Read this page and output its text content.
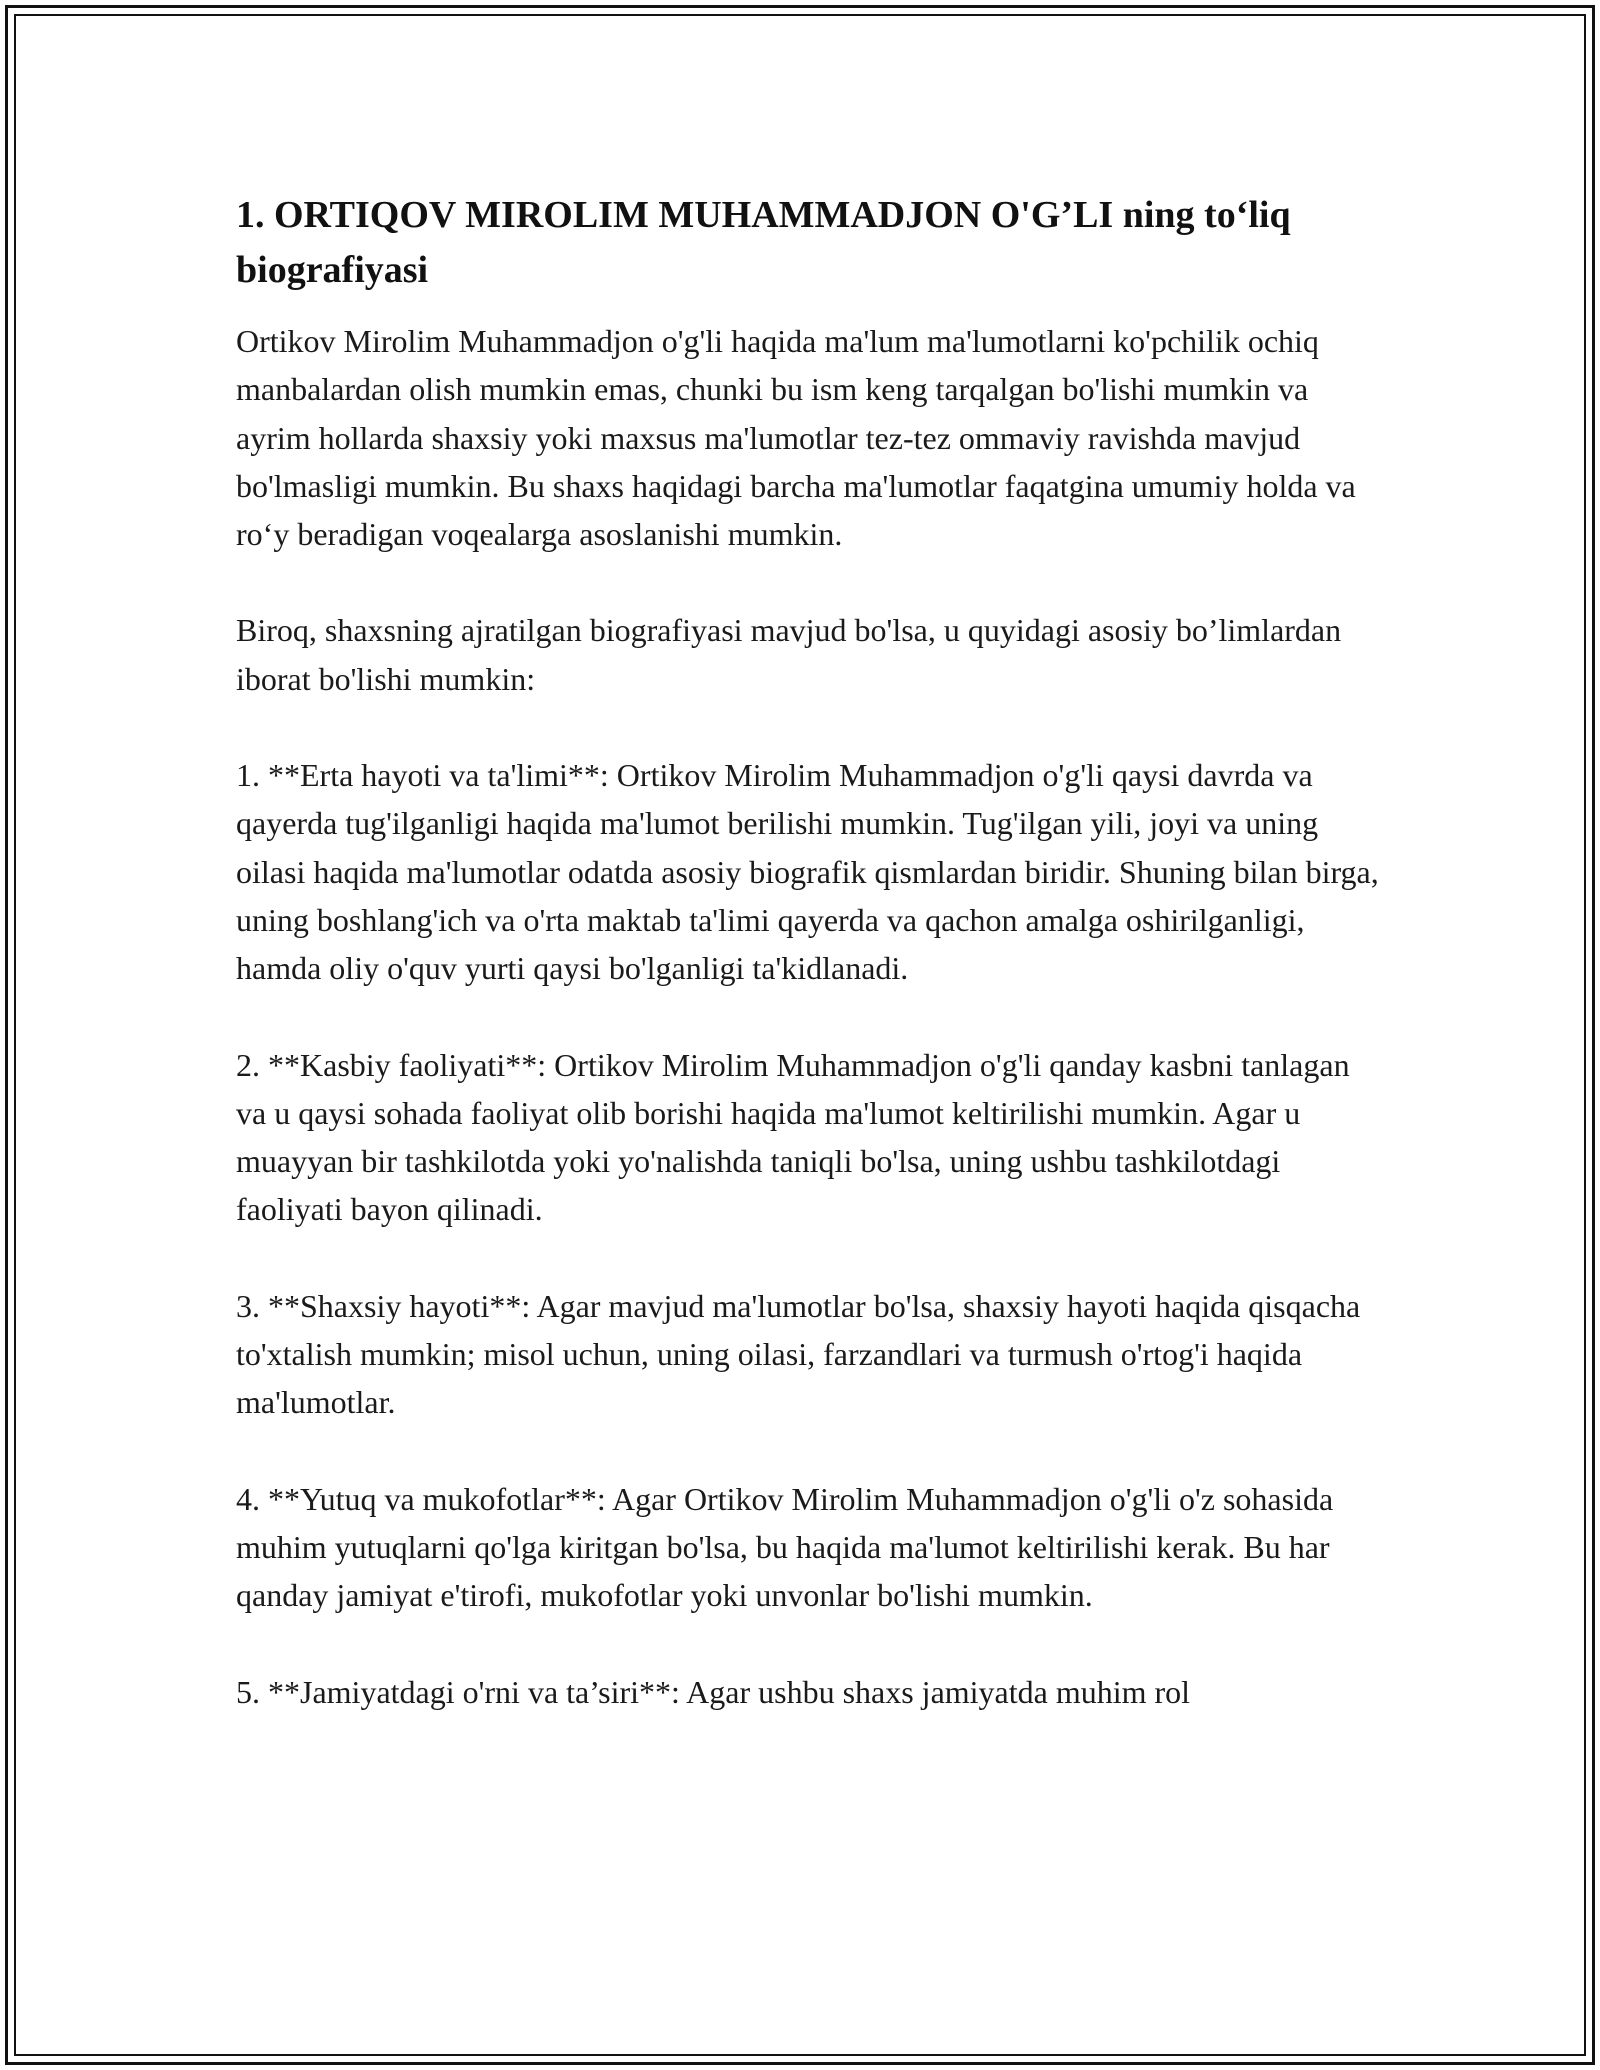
1. ORTIQOV MIROLIM MUHAMMADJON O'G’LI ning to‘liq biografiyasi

Ortikov Mirolim Muhammadjon o'g'li haqida ma'lum ma'lumotlarni ko'pchilik ochiq manbalardan olish mumkin emas, chunki bu ism keng tarqalgan bo'lishi mumkin va ayrim hollarda shaxsiy yoki maxsus ma'lumotlar tez-tez ommaviy ravishda mavjud bo'lmasligi mumkin. Bu shaxs haqidagi barcha ma'lumotlar faqatgina umumiy holda va ro‘y beradigan voqealarga asoslanishi mumkin.

Biroq, shaxsning ajratilgan biografiyasi mavjud bo'lsa, u quyidagi asosiy bo’limlardan iborat bo'lishi mumkin:

1. **Erta hayoti va ta'limi**: Ortikov Mirolim Muhammadjon o'g'li qaysi davrda va qayerda tug'ilganligi haqida ma'lumot berilishi mumkin. Tug'ilgan yili, joyi va uning oilasi haqida ma'lumotlar odatda asosiy biografik qismlardan biridir. Shuning bilan birga, uning boshlang'ich va o'rta maktab ta'limi qayerda va qachon amalga oshirilganligi, hamda oliy o'quv yurti qaysi bo'lganligi ta'kidlanadi.

2. **Kasbiy faoliyati**: Ortikov Mirolim Muhammadjon o'g'li qanday kasbni tanlagan va u qaysi sohada faoliyat olib borishi haqida ma'lumot keltirilishi mumkin. Agar u muayyan bir tashkilotda yoki yo'nalishda taniqli bo'lsa, uning ushbu tashkilotdagi faoliyati bayon qilinadi.

3. **Shaxsiy hayoti**: Agar mavjud ma'lumotlar bo'lsa, shaxsiy hayoti haqida qisqacha to'xtalish mumkin; misol uchun, uning oilasi, farzandlari va turmush o'rtog'i haqida ma'lumotlar.

4. **Yutuq va mukofotlar**: Agar Ortikov Mirolim Muhammadjon o'g'li o'z sohasida muhim yutuqlarni qo'lga kiritgan bo'lsa, bu haqida ma'lumot keltirilishi kerak. Bu har qanday jamiyat e'tirofi, mukofotlar yoki unvonlar bo'lishi mumkin.

5. **Jamiyatdagi o'rni va ta’siri**: Agar ushbu shaxs jamiyatda muhim rol
